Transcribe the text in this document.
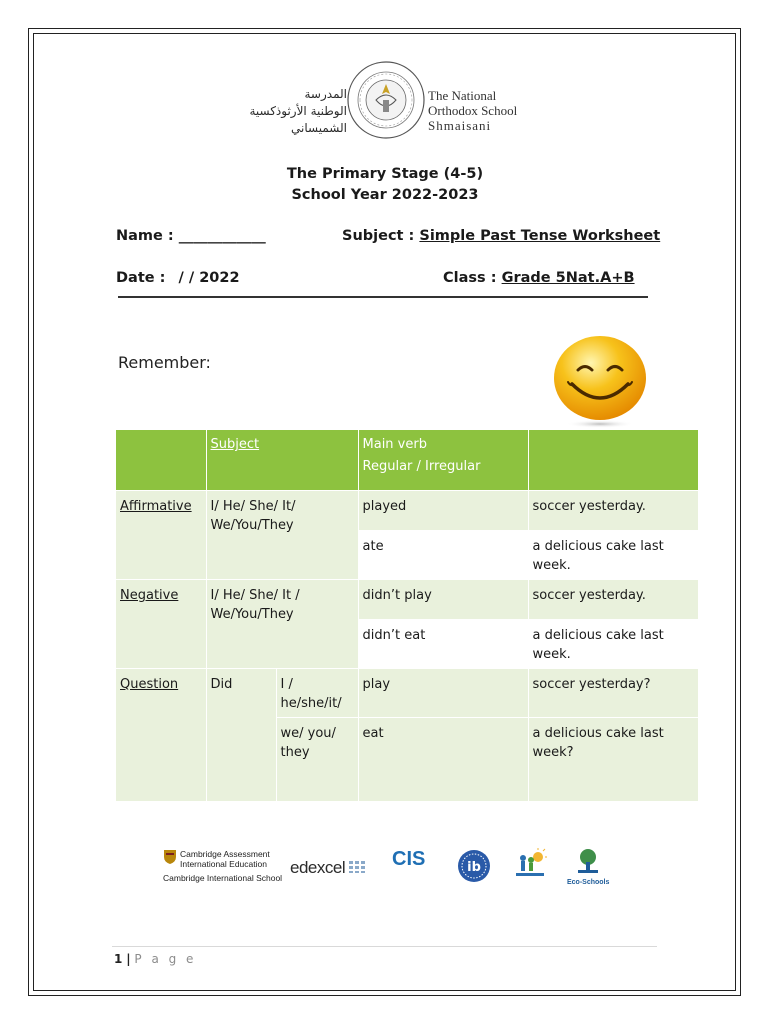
المدرسة
الوطنية الأرثوذكسية
الشميساني
The National
Orthodox School
Shmaisani
The Primary Stage (4-5)
School Year 2022-2023
Name : ____________	Subject : Simple Past Tense Worksheet
Date : / / 2022	Class : Grade 5Nat.A+B
Remember:
	Subject		Main verb
Regular / Irregular	

Affirmative	I/ He/ She/ It/ We/You/They		played	soccer yesterday.
			ate	a delicious cake last week.
Negative	I/ He/ She/ It / We/You/They		didn’t play	soccer yesterday.
			didn’t eat	a delicious cake last week.
Question	Did	I / he/she/it/	play	soccer yesterday?
		we/ you/ they	eat	a delicious cake last week?
Cambridge Assessment
International Education
Cambridge International School
edexcel	CIS	ib
Eco-Schools
1 | P a g e
